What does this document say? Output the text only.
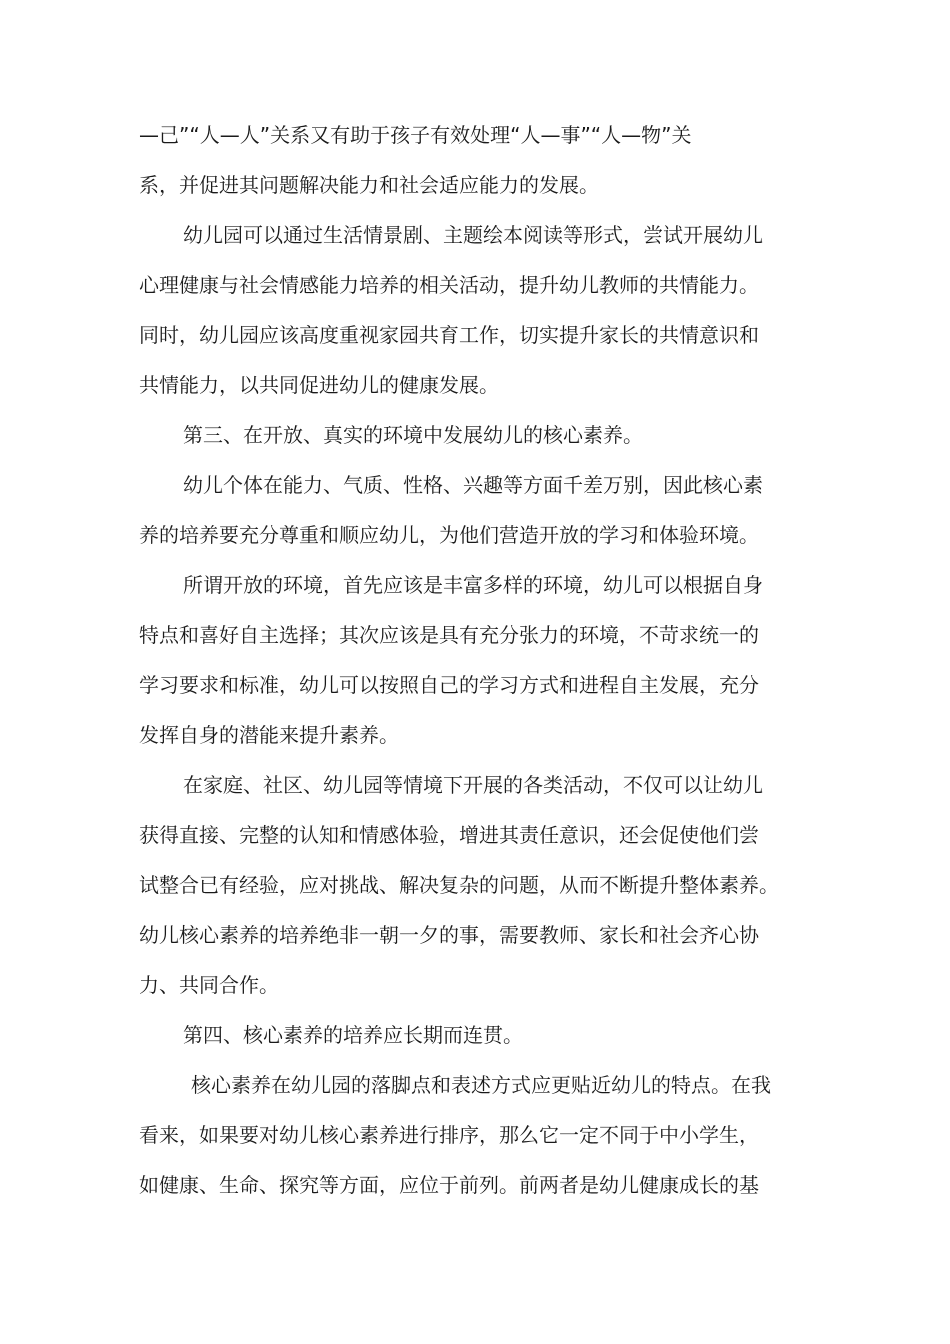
—己”“人—人”关系又有助于孩子有效处理“人—事”“人—物”关
系，并促进其问题解决能力和社会适应能力的发展。
幼儿园可以通过生活情景剧、主题绘本阅读等形式，尝试开展幼儿
心理健康与社会情感能力培养的相关活动，提升幼儿教师的共情能力。
同时，幼儿园应该高度重视家园共育工作，切实提升家长的共情意识和
共情能力，以共同促进幼儿的健康发展。
第三、在开放、真实的环境中发展幼儿的核心素养。
幼儿个体在能力、气质、性格、兴趣等方面千差万别，因此核心素
养的培养要充分尊重和顺应幼儿，为他们营造开放的学习和体验环境。
所谓开放的环境，首先应该是丰富多样的环境，幼儿可以根据自身
特点和喜好自主选择；其次应该是具有充分张力的环境，不苛求统一的
学习要求和标准，幼儿可以按照自己的学习方式和进程自主发展，充分
发挥自身的潜能来提升素养。
在家庭、社区、幼儿园等情境下开展的各类活动，不仅可以让幼儿
获得直接、完整的认知和情感体验，增进其责任意识，还会促使他们尝
试整合已有经验，应对挑战、解决复杂的问题，从而不断提升整体素养。
幼儿核心素养的培养绝非一朝一夕的事，需要教师、家长和社会齐心协
力、共同合作。
第四、核心素养的培养应长期而连贯。
核心素养在幼儿园的落脚点和表述方式应更贴近幼儿的特点。在我
看来，如果要对幼儿核心素养进行排序，那么它一定不同于中小学生，
如健康、生命、探究等方面，应位于前列。前两者是幼儿健康成长的基
